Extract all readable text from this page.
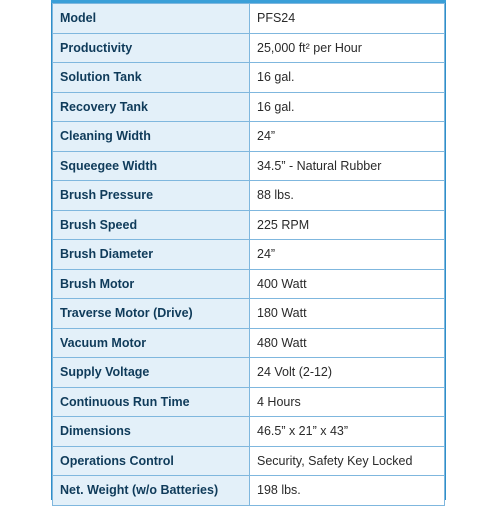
Model	PFS24
Productivity	25,000 ft² per Hour
Solution Tank	16 gal.
Recovery Tank	16 gal.
Cleaning Width	24”
Squeegee Width	34.5” - Natural Rubber
Brush Pressure	88 lbs.
Brush Speed	225 RPM
Brush Diameter	24”
Brush Motor	400 Watt
Traverse Motor (Drive)	180 Watt
Vacuum Motor	480 Watt
Supply Voltage	24 Volt (2-12)
Continuous Run Time	4 Hours
Dimensions	46.5” x 21” x 43”
Operations Control	Security, Safety Key Locked
Net. Weight (w/o Batteries)	198 lbs.
